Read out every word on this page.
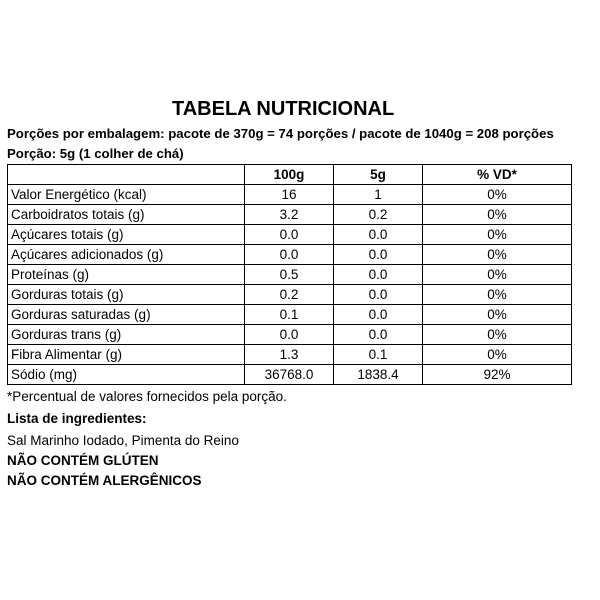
TABELA NUTRICIONAL
Porções por embalagem: pacote de 370g = 74 porções / pacote de 1040g = 208 porções
Porção: 5g (1 colher de chá)
	100g	5g	% VD*
Valor Energético (kcal)	16	1	0%
Carboidratos totais (g)	3.2	0.2	0%
Açúcares totais (g)	0.0	0.0	0%
Açúcares adicionados (g)	0.0	0.0	0%
Proteínas (g)	0.5	0.0	0%
Gorduras totais (g)	0.2	0.0	0%
Gorduras saturadas (g)	0.1	0.0	0%
Gorduras trans (g)	0.0	0.0	0%
Fibra Alimentar (g)	1.3	0.1	0%
Sódio (mg)	36768.0	1838.4	92%
*Percentual de valores fornecidos pela porção.
Lista de ingredientes:
Sal Marinho Iodado, Pimenta do Reino
NÃO CONTÉM GLÚTEN
NÃO CONTÉM ALERGÊNICOS
